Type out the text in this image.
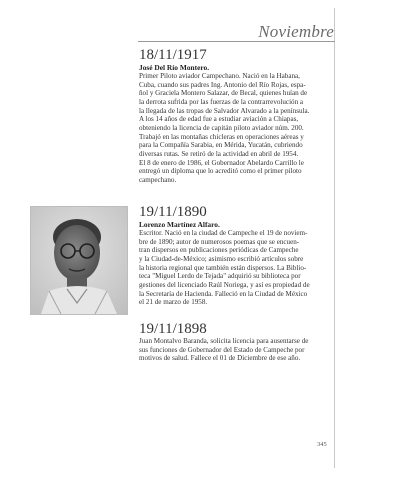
Noviembre

18/11/1917

José Del Río Montero.

Primer Piloto aviador Campechano. Nació en la Habana,

Cuba, cuando sus padres Ing. Antonio del Río Rojas, espa-

ñol y Graciela Montero Salazar, de Becal, quienes huían de

la derrota sufrida por las fuerzas de la contrarrevolución a

la llegada de las tropas de Salvador Alvarado a la península.

A los 14 años de edad fue a estudiar aviación a Chiapas,

obteniendo la licencia de capitán piloto aviador núm. 200.

Trabajó en las montañas chicleras en operaciones aéreas y

para la Compañía Sarabia, en Mérida, Yucatán, cubriendo

diversas rutas. Se retiró de la actividad en abril de 1954.

El 8 de enero de 1986, el Gobernador Abelardo Carrillo le

entregó un diploma que lo acreditó como el primer piloto

campechano.

19/11/1890

Lorenzo Martínez Alfaro.

Escritor. Nació en la ciudad de Campeche el 19 de noviem-

bre de 1890; autor de numerosos poemas que se encuen-

tran dispersos en publicaciones periódicas de Campeche

y la Ciudad-de-México; asimismo escribió artículos sobre

la historia regional que también están dispersos. La Biblio-

teca "Miguel Lerdo de Tejada" adquirió su biblioteca por

gestiones del licenciado Raúl Noriega, y así es propiedad de

la Secretaría de Hacienda. Falleció en la Ciudad de México

el 21 de marzo de 1958.

19/11/1898

Juan Montalvo Baranda, solicita licencia para ausentarse de

sus funciones de Gobernador del Estado de Campeche por

motivos de salud. Fallece el 01 de Diciembre de ese año.

345
